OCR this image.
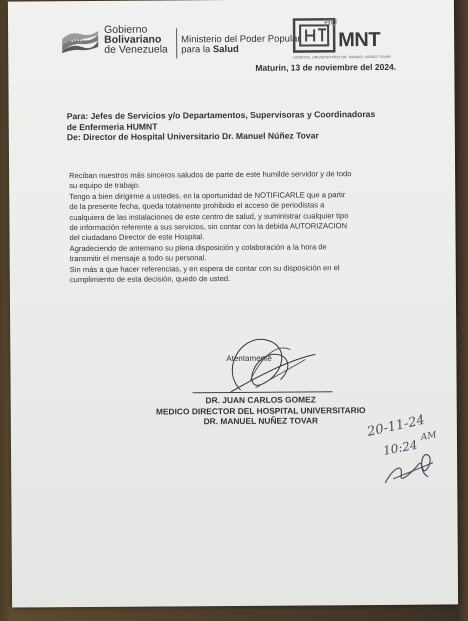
Gobierno
Bolivariano
de Venezuela
Ministerio del Poder Popular
para la Salud
HU
MNT
HOSPITAL UNIVERSITARIO DR. MANUEL NUÑEZ TOVAR
Maturin, 13 de noviembre del 2024.
Para: Jefes de Servicios y/o Departamentos, Supervisoras y Coordinadoras
de Enfermeria HUMNT
De: Director de Hospital Universitario Dr. Manuel Núñez Tovar

Reciban nuestros más sinceros saludos de parte de este humilde servidor y de todo

su equipo de trabajo.

Tengo a bien dirigirme a ustedes, en la oportunidad de NOTIFICARLE que a partir

de la presente fecha, queda totalmente prohibido el acceso de periodistas a

cualquiera de las instalaciones de este centro de salud, y suministrar cualquier tipo

de información referente a sus servicios, sin contar con la debida AUTORIZACION

del ciudadano Director de este Hospital.

Agradeciendo de antemano su plena disposición y colaboración a la hora de

transmitir el mensaje a todo su personal.

Sin más a que hacer referencias, y en espera de contar con su disposición en el

cumplimiento de esta decisión, quedo de usted.

Atentamente
DR. JUAN CARLOS GOMEZ
MEDICO DIRECTOR DEL HOSPITAL UNIVERSITARIO
DR. MANUEL NUÑEZ TOVAR	20-11-24
10:24
AM
